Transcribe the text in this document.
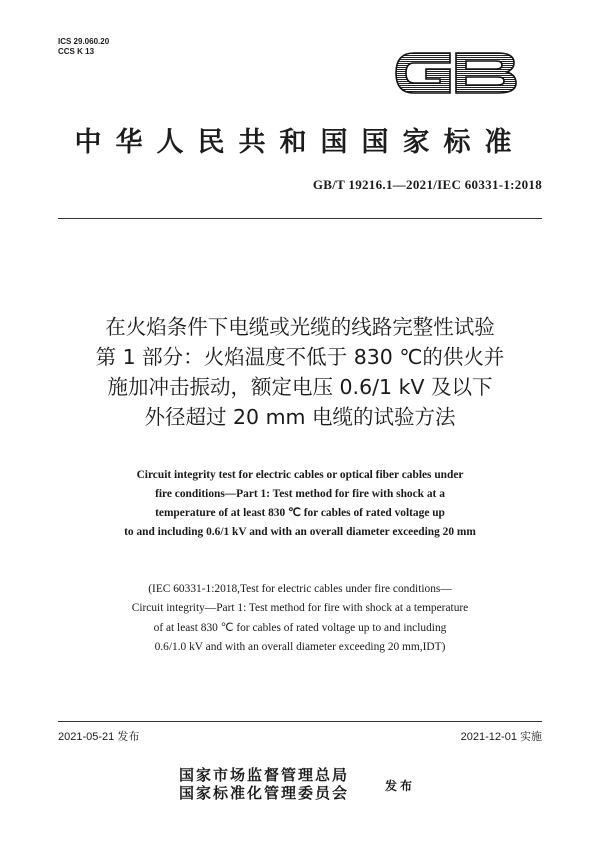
ICS 29.060.20
CCS K 13
中华人民共和国国家标准
GB/T 19216.1—2021/IEC 60331-1:2018
在火焰条件下电缆或光缆的线路完整性试验
第 1 部分：火焰温度不低于 830 ℃的供火并
施加冲击振动，额定电压 0.6/1 kV 及以下
外径超过 20 mm 电缆的试验方法
Circuit integrity test for electric cables or optical fiber cables under
fire conditions—Part 1: Test method for fire with shock at a
temperature of at least 830 ℃ for cables of rated voltage up
to and including 0.6/1 kV and with an overall diameter exceeding 20 mm
(IEC 60331-1:2018,Test for electric cables under fire conditions—
Circuit integrity—Part 1: Test method for fire with shock at a temperature
of at least 830 ℃ for cables of rated voltage up to and including
0.6/1.0 kV and with an overall diameter exceeding 20 mm,IDT)
2021-05-21 发布	2021-12-01 实施
国家市场监督管理总局
国家标准化管理委员会	发布
